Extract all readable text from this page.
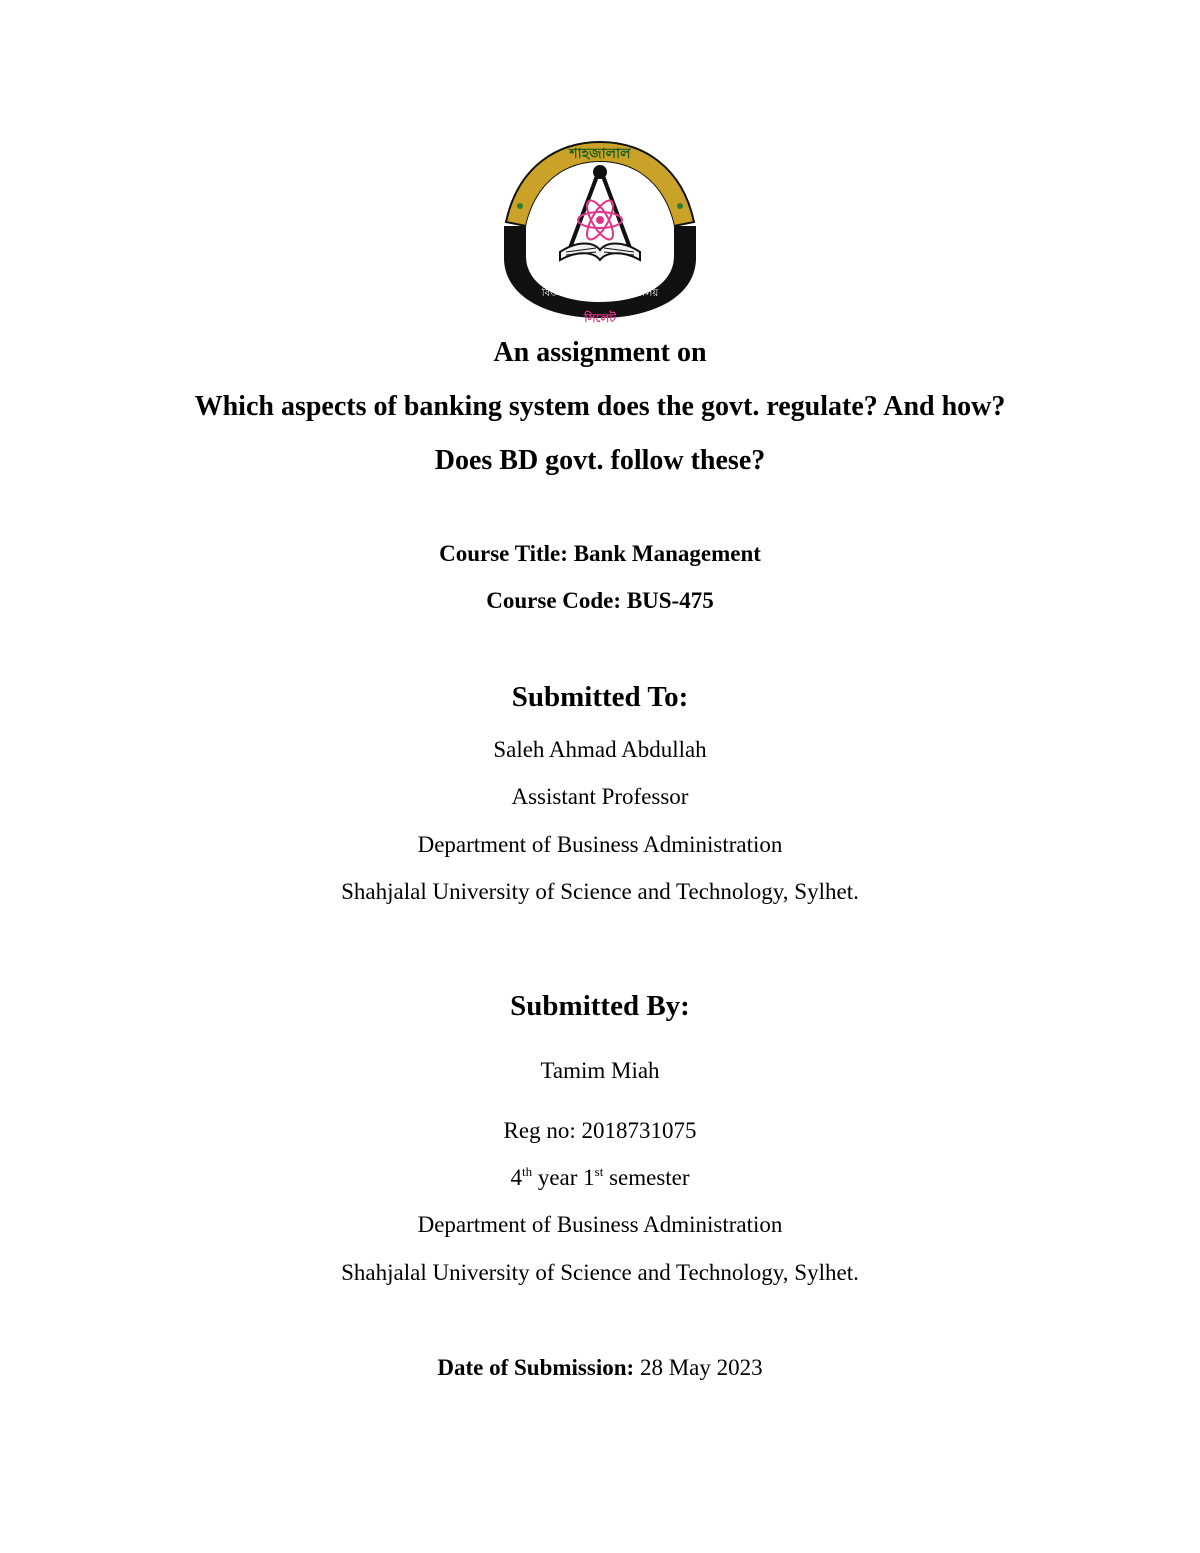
শাহজালাল
বিজ্ঞান ও প্রযুক্তি বিশ্ববিদ্যালয়
সিলেট
An assignment on
Which aspects of banking system does the govt. regulate? And how?
Does BD govt. follow these?
Course Title: Bank Management
Course Code: BUS-475
Submitted To:
Saleh Ahmad Abdullah
Assistant Professor
Department of Business Administration
Shahjalal University of Science and Technology, Sylhet.
Submitted By:
Tamim Miah
Reg no: 2018731075
4th year 1st semester
Department of Business Administration
Shahjalal University of Science and Technology, Sylhet.
Date of Submission: 28 May 2023
